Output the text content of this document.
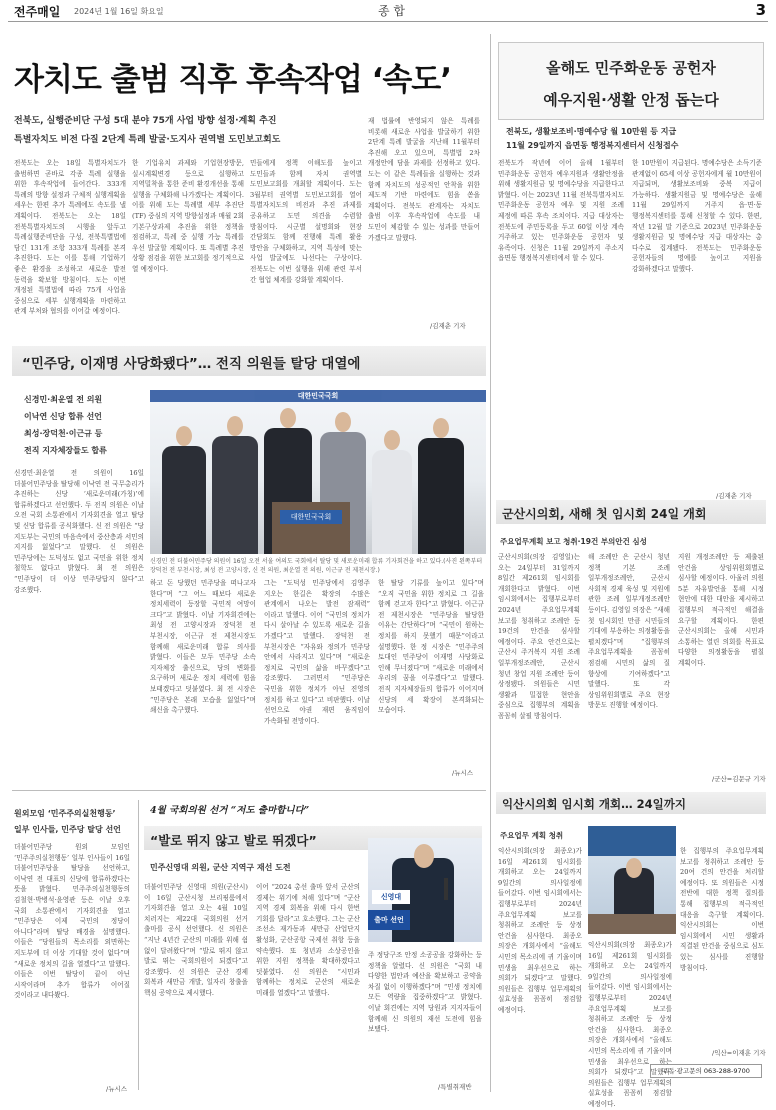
전주매일 2024년 1월 16일 화요일	종 합	3
자치도 출범 직후 후속작업 ‘속도’
전북도, 실행준비단 구성 5대 분야 75개 사업 방향 설정·계획 추진
특별자치도 비전 다질 2단계 특례 발굴·도지사 권역별 도민보고회도
전북도는 오는 18일 특별자치도가 출범하면 곧바로 각종 특례 실행을 위한 후속작업에 들어간다. 333개 특례의 방향 설정과 구체적 실행계획을 세우는 한편 추가 특례에도 속도를 낼 계획이다. 전북도는 오는 18일 전북특별자치도의 시행을 앞두고 특례실행준비단을 구성, 전북특별법에 담긴 131개 조항 333개 특례를 본격 추진한다. 도는 이를 통해 기업하기 좋은 환경을 조성하고 새로운 발전 동력을 확보할 방침이다. 도는 이번 개정된 특별법에 따라 75개 사업을 중심으로 세부 실행계획을 마련하고 관계 부처와 협의를 이어갈 예정이다.
한 기업유치 과제와 기업현장방문, 실시계획변경 등으로 실행하고 지역밀착을 통한 준비 환경개선을 통해 실행을 구체화해 나가겠다는 계획이다. 이를 위해 도는 특례별 세부 추진단(TF) 중심의 지역 방향설정과 매월 2회 기본구상과제 추진을 위한 정책을 점검하고, 특례 중 실행 가능 특례를 우선 발굴할 계획이다. 또 특례별 추진 상황 점검을 위한 보고회를 정기적으로 열 예정이다.
민들에게 정책 이해도를 높이고 도민들과 함께 자치 권역별 도민보고회를 개최할 계획이다. 도는 3월부터 권역별 도민보고회를 열어 특별자치도의 비전과 추진 과제를 공유하고 도민 의견을 수렴할 방침이다. 시군별 설명회와 현장 간담회도 함께 진행해 특례 활용 방안을 구체화하고, 지역 특성에 맞는 사업 발굴에도 나선다는 구상이다. 전북도는 이번 실행을 위해 관련 부서 간 협업 체계를 강화할 계획이다.
재 법률에 반영되지 않은 특례를 비롯해 새로운 사업을 발굴하기 위한 2단계 특례 발굴을 지난해 11월부터 추진해 오고 있으며, 특별법 2차 개정안에 담을 과제를 선정하고 있다. 도는 이 같은 특례들을 실행하는 것과 함께 자치도의 성공적인 안착을 위한 제도적 기반 마련에도 힘을 쏟을 계획이다. 전북도 관계자는 자치도 출범 이후 후속작업에 속도를 내 도민이 체감할 수 있는 성과를 만들어 가겠다고 말했다.
/김재춘 기자
올해도 민주화운동 공헌자
예우지원·생활 안정 돕는다
전북도, 생활보조비·명예수당 월 10만원 등 지급
11월 29일까지 읍면동 행정복지센터서 신청접수
전북도가 작년에 이어 올해 1월부터 민주화운동 공헌자 예우지원과 생활안정을 위해 생활지원금 및 명예수당을 지급한다고 밝혔다. 이는 2023년 11월 전북특별자치도 민주화운동 공헌자 예우 및 지원 조례 제정에 따른 후속 조치이다. 지급 대상자는 전북도에 주민등록을 두고 60일 이상 계속 거주하고 있는 민주화운동 공헌자 및 유족이다. 신청은 11월 29일까지 주소지 읍면동 행정복지센터에서 할 수 있다.
한 10만원이 지급된다. 명예수당은 소득기준 관계없이 65세 이상 공헌자에게 월 10만원이 지급되며, 생활보조비와 중복 지급이 가능하다. 생활지원금 및 명예수당은 올해 11월 29일까지 거주지 읍·면·동 행정복지센터를 통해 신청할 수 있다. 한편, 작년 12월 말 기준으로 2023년 민주화운동 생활지원금 및 명예수당 지급 대상자는 총 다수로 집계됐다. 전북도는 민주화운동 공헌자들의 명예를 높이고 지원을 강화하겠다고 말했다.
/김재춘 기자
“민주당, 이재명 사당화됐다”… 전직 의원들 탈당 대열에
신경민·최운열 전 의원
이낙연 신당 합류 선언
최성·장덕천·이근규 등
전직 지자체장들도 합류
신경민·최운열 전 의원이 16일 더불어민주당을 탈당해 이낙연 전 국무총리가 추진하는 신당 ‘새로운미래(가칭)’에 합류하겠다고 선언했다. 두 전직 의원은 이날 오전 국회 소통관에서 기자회견을 열고 탈당 및 신당 합류를 공식화했다. 신 전 의원은 “당 지도부는 국민의 마음속에서 중산층과 서민의 지지를 잃었다”고 말했다. 신 의원은 민주당에는 도덕성도 없고 국민을 위한 정치 철학도 없다고 밝혔다. 최 전 의원은 “민주당이 더 이상 민주당답지 않다”고 강조했다.
대한민국국회
대한민국국회
신경민 전 더불어민주당 의원이 16일 오전 서울 여의도 국회에서 탈당 및 새로운미래 합류 기자회견을 하고 있다.(사진 왼쪽부터 장덕천 전 부천시장, 최성 전 고양시장, 신 전 의원, 최운열 전 의원, 이근규 전 제천시장.)
하고 돈 당했던 민주당을 떠나고자 한다”며 “그 어느 때보다 새로운 정치세력이 등장할 국민적 여망이 크다”고 밝혔다. 이날 기자회견에는 최성 전 고양시장과 장덕천 전 부천시장, 이근규 전 제천시장도 함께해 새로운미래 합류 의사를 밝혔다. 이들은 모두 민주당 소속 지자체장 출신으로, 당의 변화를 요구하며 새로운 정치 세력에 힘을 보태겠다고 덧붙였다. 최 전 시장은 “민주당은 본래 모습을 잃었다”며 쇄신을 촉구했다.
그는 “도덕성 민주당에서 김영주 지오는 한길은 확장의 수많은 관계에서 나오는 발전 잠재력” 이라고 말했다. 이어 “국민의 정치가 다시 살아날 수 있도록 새로운 길을 가겠다”고 말했다. 장덕천 전 부천시장은 “자유와 정의가 민주당 안에서 사라지고 있다”며 “새로운 정치로 국민의 삶을 바꾸겠다”고 강조했다. 그러면서 “민주당은 국민을 위한 정치가 아닌 진영의 정치를 하고 있다”고 비판했다. 이날 선언으로 야권 재편 움직임이 가속화될 전망이다.
한 탈당 기류를 높이고 있다”며 “오직 국민을 위한 정치로 그 길을 함께 걷고자 한다”고 밝혔다. 이근규 전 제천시장은 “민주당을 탈당한 이유는 간단하다”며 “국민이 원하는 정치를 하지 못했기 때문”이라고 설명했다. 한 정 시장은 “민주주의 토대인 민주당이 이재명 사당화로 인해 무너졌다”며 “새로운 미래에서 우리의 꿈을 이루겠다”고 말했다. 전직 지자체장들의 합류가 이어지며 신당의 세 확장이 본격화되는 모습이다.
/뉴시스
군산시의회, 새해 첫 임시회 24일 개회
주요업무계획 보고 청취·19건 부의안건 심성
군산시의회(의장 김영일)는 오는 24일부터 31일까지 8일간 제261회 임시회를 개회한다고 밝혔다. 이번 임시회에서는 집행부로부터 2024년 주요업무계획 보고를 청취하고 조례안 등 19건의 안건을 심사할 예정이다. 주요 안건으로는 군산시 주거복지 지원 조례 일부개정조례안, 군산시 청년 창업 지원 조례안 등이 상정됐다. 의원들은 시민 생활과 밀접한 현안을 중심으로 집행부의 계획을 꼼꼼히 살필 방침이다.
해 조례안 은 군산시 청년 정책 기본 조례 일부개정조례안, 군산시 사회적 경제 육성 및 지원에 관한 조례 일부개정조례안 등이다. 김영일 의장은 “새해 첫 임시회인 만큼 시민들의 기대에 부응하는 의정활동을 펼치겠다”며 “집행부의 주요업무계획을 꼼꼼히 점검해 시민의 삶의 질 향상에 기여하겠다”고 말했다. 또 각 상임위원회별로 주요 현장 방문도 진행할 예정이다.
지원 개정조례안 등 제출된 안건을 상임위원회별로 심사할 예정이다. 아울러 의원 5분 자유발언을 통해 시정 현안에 대한 대안을 제시하고 집행부의 적극적인 해결을 요구할 계획이다. 한편 군산시의회는 올해 시민과 소통하는 열린 의회를 목표로 다양한 의정활동을 펼칠 계획이다.
/군산=김문규 기자
원외모임 ‘민주주의실천행동’
일부 인사들, 민주당 탈당 선언
더불어민주당 원외 모임인 ‘민주주의실천행동’ 일부 인사들이 16일 더불어민주당을 탈당을 선언하고, 이낙연 전 대표의 신당에 합류하겠다는 뜻을 밝혔다. 민주주의실천행동의 김철현·박병석·윤영관 등은 이날 오후 국회 소통관에서 기자회견을 열고 “민주당은 이제 국민의 정당이 아니다”라며 탈당 배경을 설명했다. 이들은 “당원들의 목소리를 외면하는 지도부에 더 이상 기대할 것이 없다”며 “새로운 정치의 길을 열겠다”고 말했다. 이들은 이번 탈당이 끝이 아닌 시작이라며 추가 합류가 이어질 것이라고 내다봤다.
/뉴시스
4월 국회의원 선거 “저도 출마합니다”
“발로 뛰지 않고 발로 뛰겠다”
민주신영대 의원, 군산 지역구 재선 도전
더불어민주당 신영대 의원(군산시)이 16일 군산시청 브리핑룸에서 기자회견을 열고 오는 4월 10일 치러지는 제22대 국회의원 선거 출마를 공식 선언했다. 신 의원은 “지난 4년간 군산의 미래를 위해 쉼 없이 달려왔다”며 “발로 뛰지 않고 발로 뛰는 국회의원이 되겠다”고 강조했다. 신 의원은 군산 경제 회복과 새만금 개발, 일자리 창출을 핵심 공약으로 제시했다.
이어 “2024 총선 출마 앞서 군산의 경제는 위기에 처해 있다”며 “군산 지역 경제 회복을 위해 다시 한번 기회를 달라”고 호소했다. 그는 군산 조선소 재가동과 새만금 산업단지 활성화, 군산공항 국제선 취항 등을 약속했다. 또 청년과 소상공인을 위한 지원 정책을 확대하겠다고 덧붙였다. 신 의원은 “시민과 함께하는 정치로 군산의 새로운 미래를 열겠다”고 말했다.
출마 선언
신영대
주 정당구조 안정 소공공을 강화하는 등 정책을 알렸다. 신 의원은 “국회 내 다양한 법안과 예산을 확보하고 공약을 차질 없이 이행하겠다”며 “민생 정치에 모든 역량을 집중하겠다”고 밝혔다. 이날 회견에는 지역 당원과 지지자들이 함께해 신 의원의 재선 도전에 힘을 보탰다.
/특별취재반
익산시의회 임시회 개회… 24일까지
주요업무 계획 청취
익산시의회(의장 최종오)가 16일 제261회 임시회를 개회하고 오는 24일까지 9일간의 의사일정에 들어갔다. 이번 임시회에서는 집행부로부터 2024년 주요업무계획 보고를 청취하고 조례안 등 상정 안건을 심사한다. 최종오 의장은 개회사에서 “올해도 시민의 목소리에 귀 기울이며 민생을 최우선으로 하는 의회가 되겠다”고 말했다. 의원들은 집행부 업무계획의 실효성을 꼼꼼히 점검할 예정이다.
한 집행부의 주요업무계획 보고를 청취하고 조례안 등 20여 건의 안건을 처리할 예정이다. 또 의원들은 시정 전반에 대한 정책 질의를 통해 집행부의 적극적인 대응을 촉구할 계획이다. 익산시의회는 이번 임시회에서 시민 생활과 직결된 안건을 중심으로 심도 있는 심사를 진행할 방침이다.
익산시의회(의장 최종오)가 16일 제261회 임시회를 개회하고 오는 24일까지 9일간의 의사일정에 들어갔다. 이번 임시회에서는 집행부로부터 2024년 주요업무계획 보고를 청취하고 조례안 등 상정 안건을 심사한다. 최종오 의장은 개회사에서 “올해도 시민의 목소리에 귀 기울이며 민생을 최우선으로 하는 의회가 되겠다”고 말했다. 의원들은 집행부 업무계획의 실효성을 꼼꼼히 점검할 예정이다.
/익산=이재훈 기자
구독·광고문의 063-288-9700
